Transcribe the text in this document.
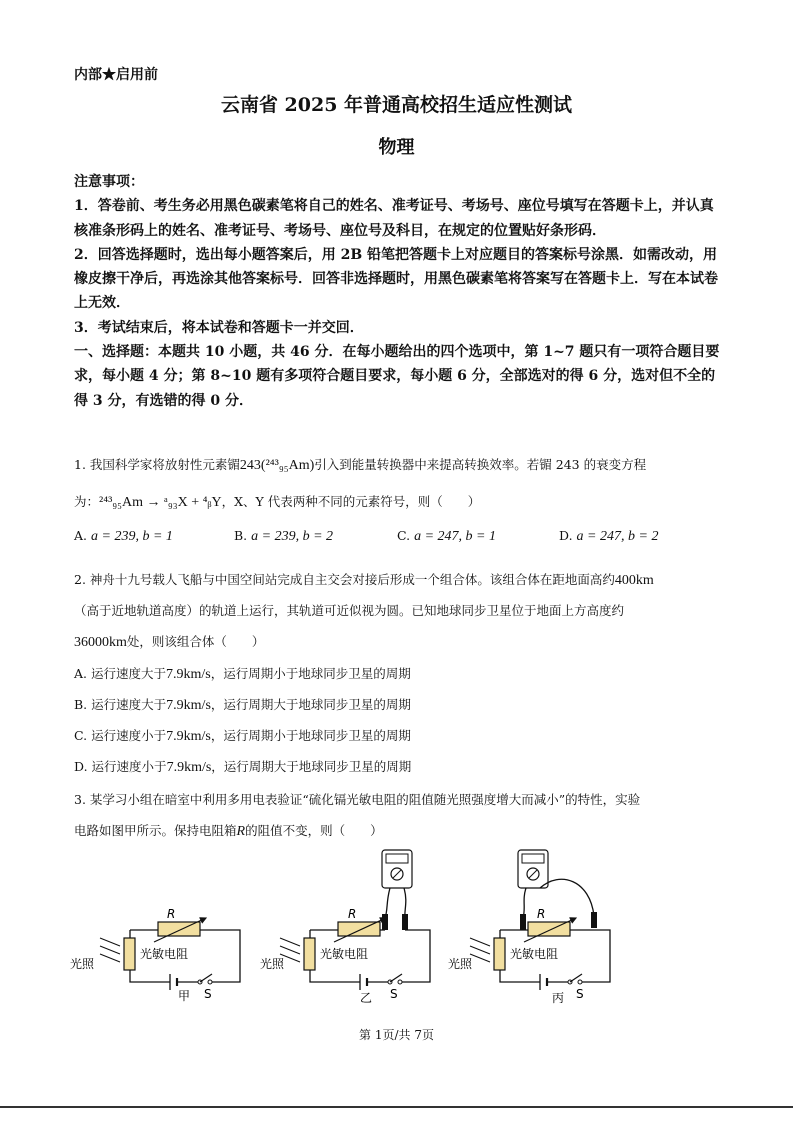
内部★启用前
云南省 2025 年普通高校招生适应性测试
物理

注意事项：

1．答卷前、考生务必用黑色碳素笔将自己的姓名、准考证号、考场号、座位号填写在答题卡上，并认真核准条形码上的姓名、准考证号、考场号、座位号及科目，在规定的位置贴好条形码．

2．回答选择题时，选出每小题答案后，用 2B 铅笔把答题卡上对应题目的答案标号涂黑．如需改动，用橡皮擦干净后，再选涂其他答案标号．回答非选择题时，用黑色碳素笔将答案写在答题卡上．写在本试卷上无效．

3．考试结束后，将本试卷和答题卡一并交回．

一、选择题：本题共 10 小题，共 46 分．在每小题给出的四个选项中，第 1~7 题只有一项符合题目要求，每小题 4 分；第 8~10 题有多项符合题目要求，每小题 6 分，全部选对的得 6 分，选对但不全的得 3 分，有选错的得 0 分．

1. 我国科学家将放射性元素镅243(²⁴³₉₅Am)引入到能量转换器中来提高转换效率。若镅 243 的衰变方程
为：²⁴³₉₅Am → ᵃ₉₃X + ⁴ᵦY，X、Y 代表两种不同的元素符号，则（　　）
A. a = 239, b = 1	B. a = 239, b = 2	C. a = 247, b = 1	D. a = 247, b = 2
2. 神舟十九号载人飞船与中国空间站完成自主交会对接后形成一个组合体。该组合体在距地面高约400km
（高于近地轨道高度）的轨道上运行，其轨道可近似视为圆。已知地球同步卫星位于地面上方高度约
36000km处，则该组合体（　　）
A. 运行速度大于7.9km/s，运行周期小于地球同步卫星的周期
B. 运行速度大于7.9km/s，运行周期大于地球同步卫星的周期
C. 运行速度小于7.9km/s，运行周期小于地球同步卫星的周期
D. 运行速度小于7.9km/s，运行周期大于地球同步卫星的周期
3. 某学习小组在暗室中利用多用电表验证“硫化镉光敏电阻的阻值随光照强度增大而减小”的特性，实验
电路如图甲所示。保持电阻箱R的阻值不变，则（　　）
R
光敏电阻
光照
S
甲
R
光敏电阻
光照
S
乙
R
光敏电阻
光照
S
丙
第 1页/共 7页
